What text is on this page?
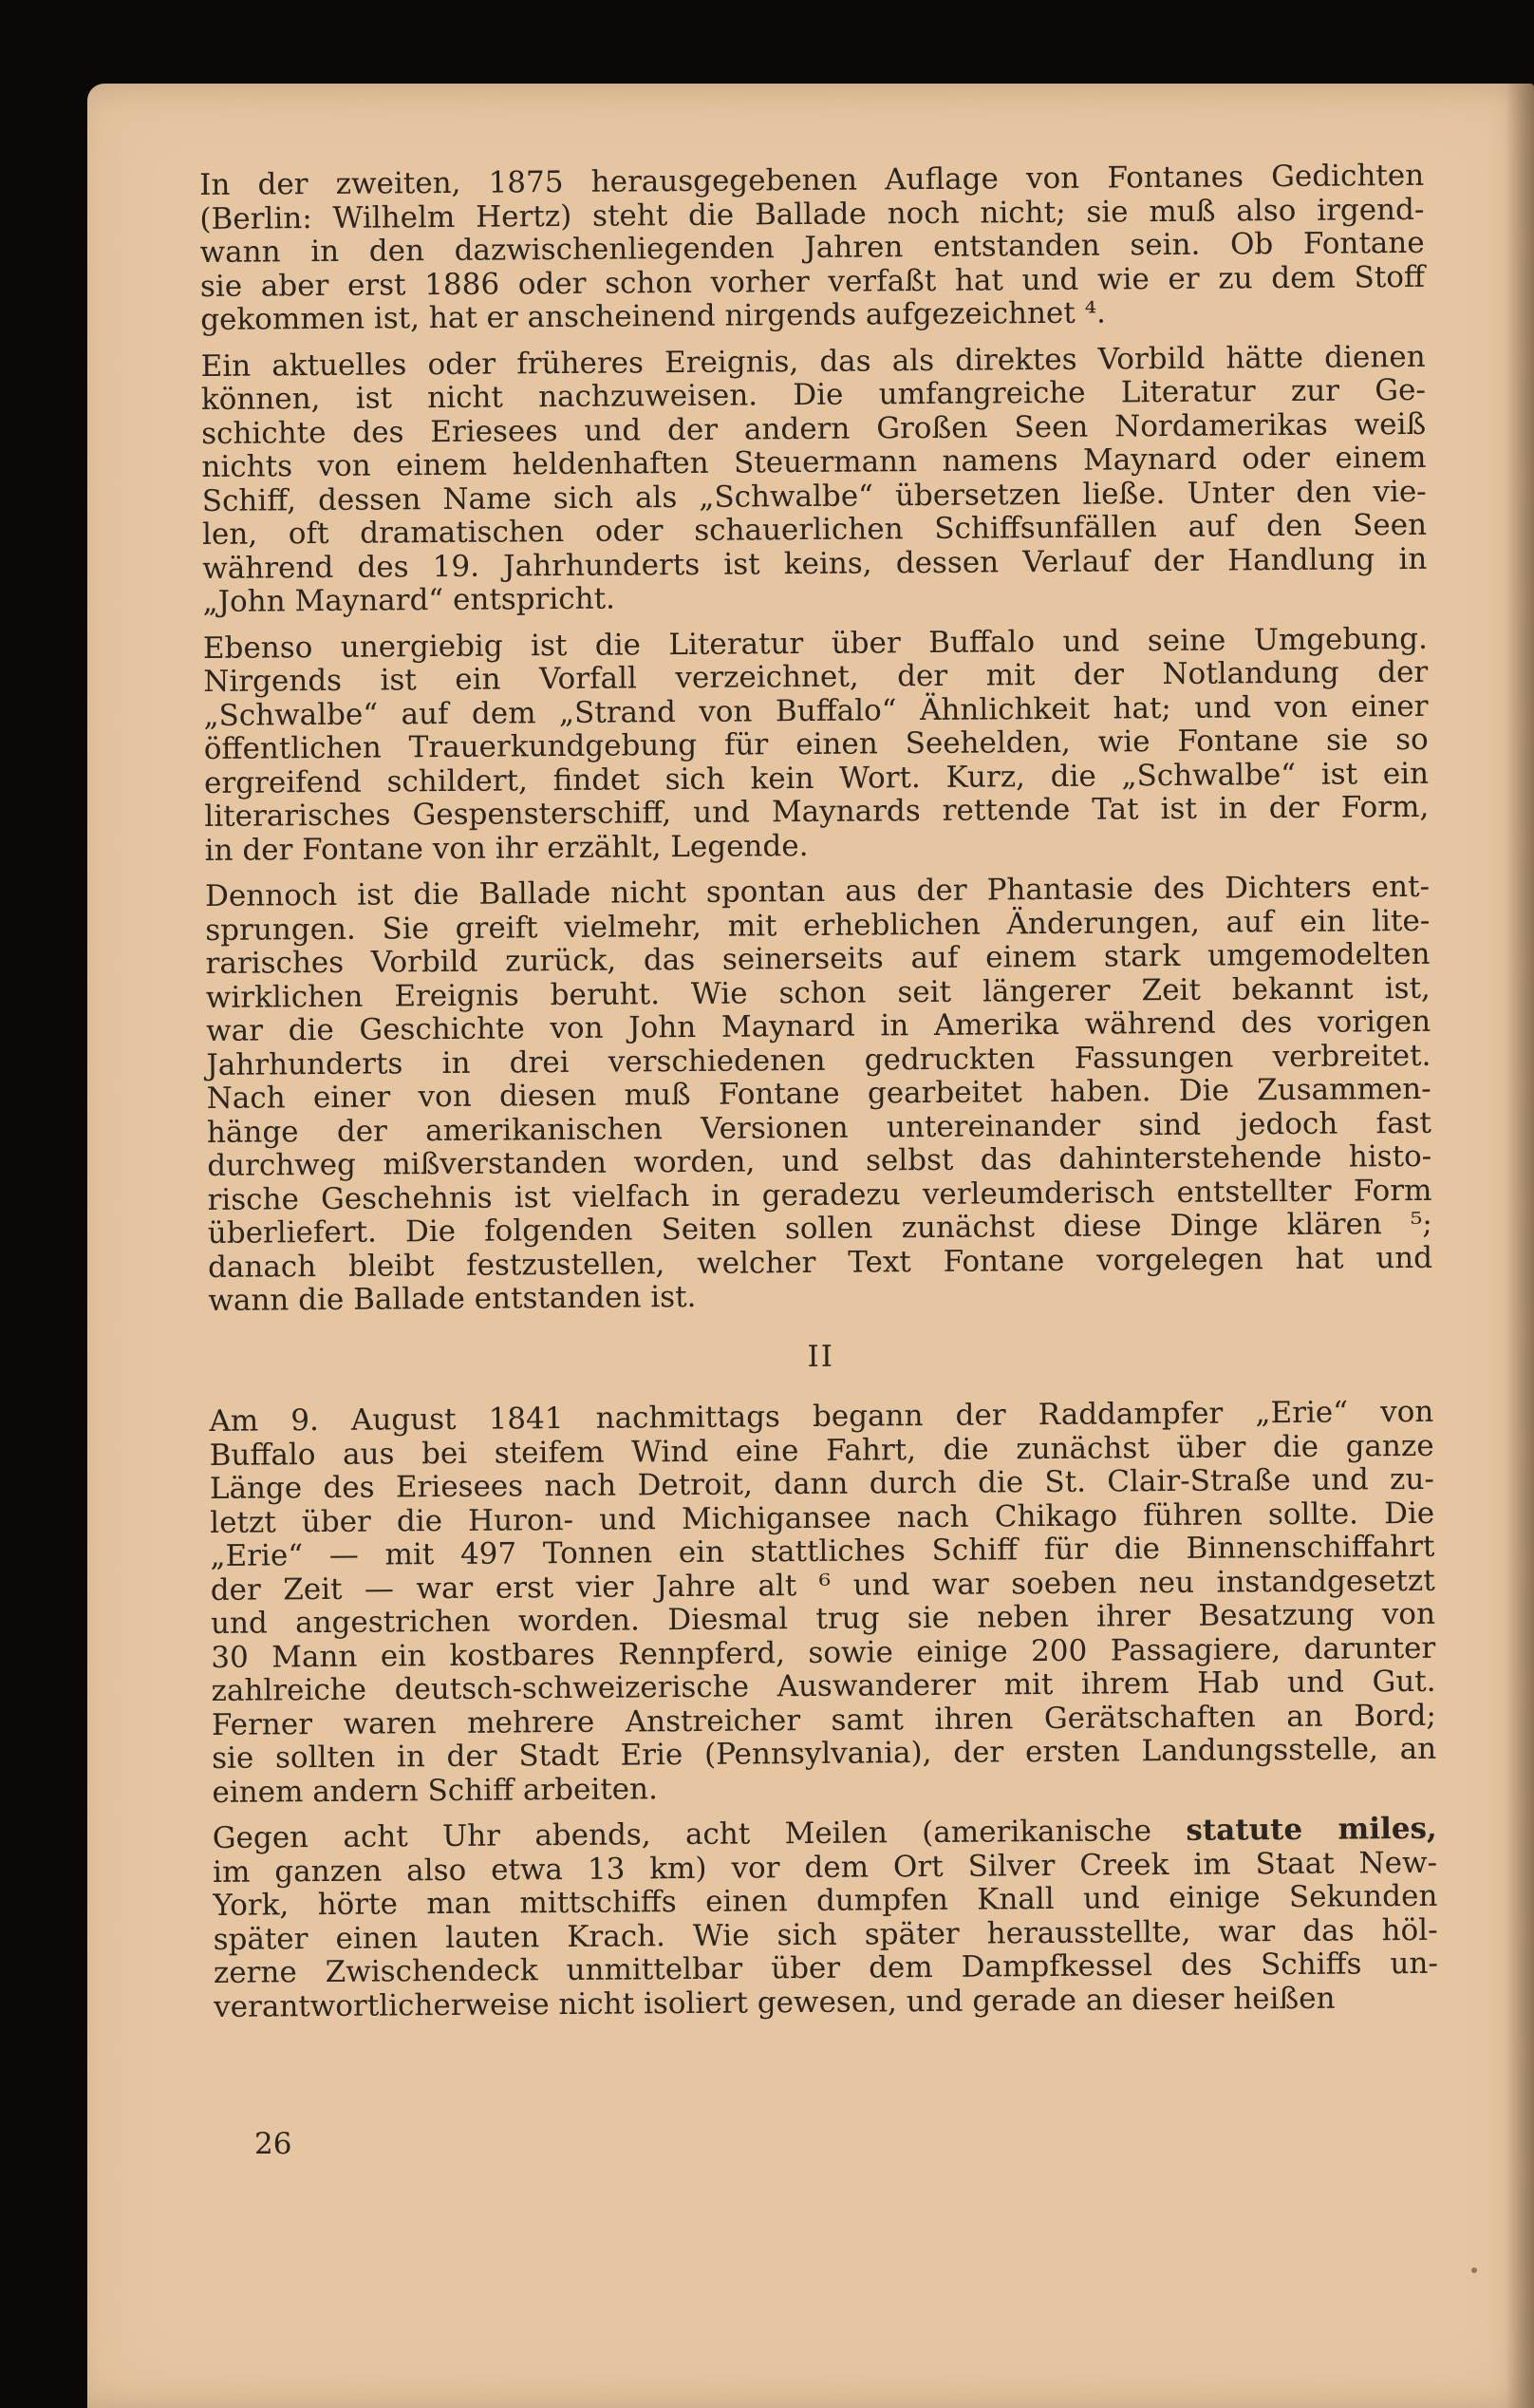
In der zweiten, 1875 herausgegebenen Auflage von Fontanes Gedichten
(Berlin: Wilhelm Hertz) steht die Ballade noch nicht; sie muß also irgend-
wann in den dazwischenliegenden Jahren entstanden sein. Ob Fontane
sie aber erst 1886 oder schon vorher verfaßt hat und wie er zu dem Stoff
gekommen ist, hat er anscheinend nirgends aufgezeichnet ⁴.
Ein aktuelles oder früheres Ereignis, das als direktes Vorbild hätte dienen
können, ist nicht nachzuweisen. Die umfangreiche Literatur zur Ge-
schichte des Eriesees und der andern Großen Seen Nordamerikas weiß
nichts von einem heldenhaften Steuermann namens Maynard oder einem
Schiff, dessen Name sich als „Schwalbe“ übersetzen ließe. Unter den vie-
len, oft dramatischen oder schauerlichen Schiffsunfällen auf den Seen
während des 19. Jahrhunderts ist keins, dessen Verlauf der Handlung in
„John Maynard“ entspricht.
Ebenso unergiebig ist die Literatur über Buffalo und seine Umgebung.
Nirgends ist ein Vorfall verzeichnet, der mit der Notlandung der
„Schwalbe“ auf dem „Strand von Buffalo“ Ähnlichkeit hat; und von einer
öffentlichen Trauerkundgebung für einen Seehelden, wie Fontane sie so
ergreifend schildert, findet sich kein Wort. Kurz, die „Schwalbe“ ist ein
literarisches Gespensterschiff, und Maynards rettende Tat ist in der Form,
in der Fontane von ihr erzählt, Legende.
Dennoch ist die Ballade nicht spontan aus der Phantasie des Dichters ent-
sprungen. Sie greift vielmehr, mit erheblichen Änderungen, auf ein lite-
rarisches Vorbild zurück, das seinerseits auf einem stark umgemodelten
wirklichen Ereignis beruht. Wie schon seit längerer Zeit bekannt ist,
war die Geschichte von John Maynard in Amerika während des vorigen
Jahrhunderts in drei verschiedenen gedruckten Fassungen verbreitet.
Nach einer von diesen muß Fontane gearbeitet haben. Die Zusammen-
hänge der amerikanischen Versionen untereinander sind jedoch fast
durchweg mißverstanden worden, und selbst das dahinterstehende histo-
rische Geschehnis ist vielfach in geradezu verleumderisch entstellter Form
überliefert. Die folgenden Seiten sollen zunächst diese Dinge klären ⁵;
danach bleibt festzustellen, welcher Text Fontane vorgelegen hat und
wann die Ballade entstanden ist.
II
Am 9. August 1841 nachmittags begann der Raddampfer „Erie“ von
Buffalo aus bei steifem Wind eine Fahrt, die zunächst über die ganze
Länge des Eriesees nach Detroit, dann durch die St. Clair-Straße und zu-
letzt über die Huron- und Michigansee nach Chikago führen sollte. Die
„Erie“ — mit 497 Tonnen ein stattliches Schiff für die Binnenschiffahrt
der Zeit — war erst vier Jahre alt ⁶ und war soeben neu instandgesetzt
und angestrichen worden. Diesmal trug sie neben ihrer Besatzung von
30 Mann ein kostbares Rennpferd, sowie einige 200 Passagiere, darunter
zahlreiche deutsch-schweizerische Auswanderer mit ihrem Hab und Gut.
Ferner waren mehrere Anstreicher samt ihren Gerätschaften an Bord;
sie sollten in der Stadt Erie (Pennsylvania), der ersten Landungsstelle, an
einem andern Schiff arbeiten.
Gegen acht Uhr abends, acht Meilen (amerikanische statute miles,
im ganzen also etwa 13 km) vor dem Ort Silver Creek im Staat New-
York, hörte man mittschiffs einen dumpfen Knall und einige Sekunden
später einen lauten Krach. Wie sich später herausstellte, war das höl-
zerne Zwischendeck unmittelbar über dem Dampfkessel des Schiffs un-
verantwortlicherweise nicht isoliert gewesen, und gerade an dieser heißen
26
